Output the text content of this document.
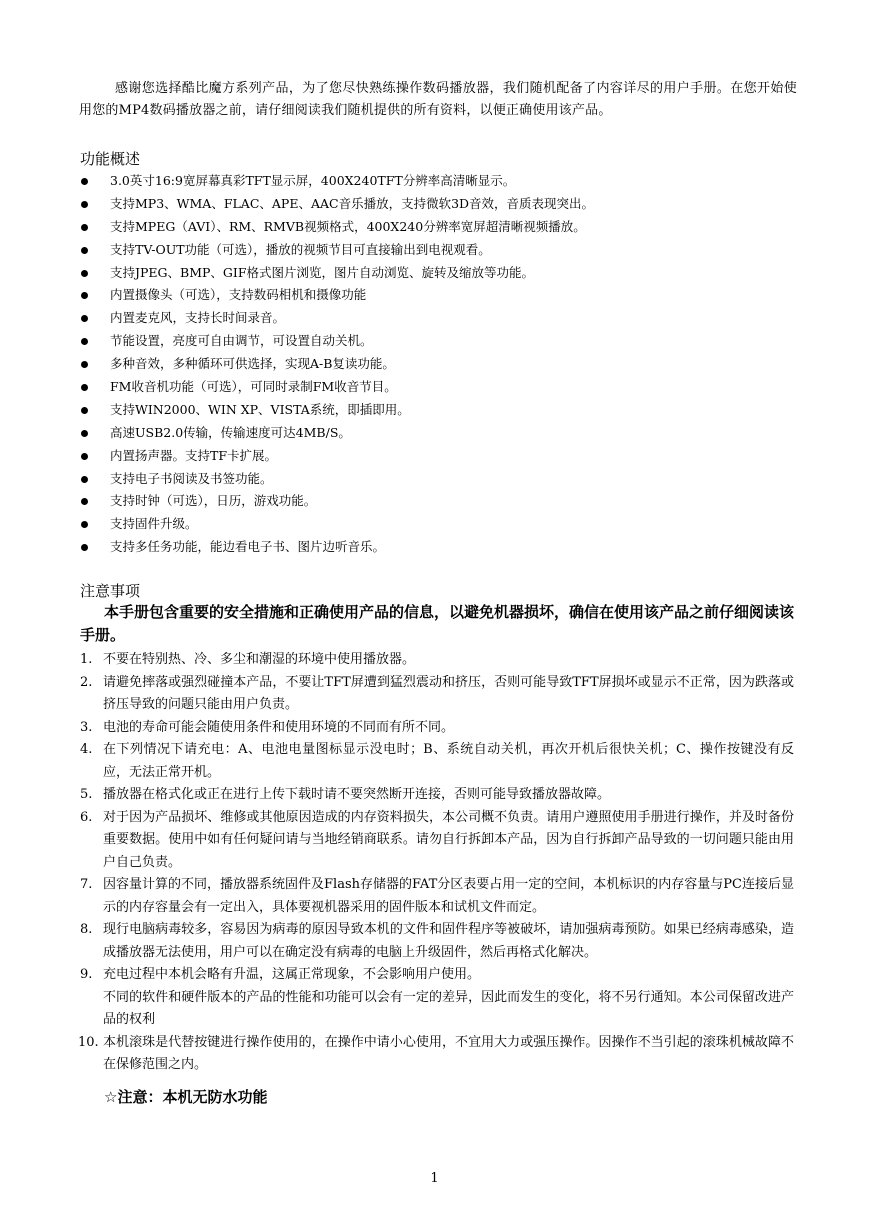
感谢您选择酷比魔方系列产品，为了您尽快熟练操作数码播放器，我们随机配备了内容详尽的用户手册。在您开始使用您的MP4数码播放器之前，请仔细阅读我们随机提供的所有资料，以便正确使用该产品。

功能概述
3.0英寸16:9宽屏幕真彩TFT显示屏，400X240TFT分辨率高清晰显示。
支持MP3、WMA、FLAC、APE、AAC音乐播放，支持微软3D音效，音质表现突出。
支持MPEG（AVI）、RM、RMVB视频格式，400X240分辨率宽屏超清晰视频播放。
支持TV-OUT功能（可选），播放的视频节目可直接输出到电视观看。
支持JPEG、BMP、GIF格式图片浏览，图片自动浏览、旋转及缩放等功能。
内置摄像头（可选），支持数码相机和摄像功能
内置麦克风，支持长时间录音。
节能设置，亮度可自由调节，可设置自动关机。
多种音效，多种循环可供选择，实现A-B复读功能。
FM收音机功能（可选），可同时录制FM收音节目。
支持WIN2000、WIN XP、VISTA系统，即插即用。
高速USB2.0传输，传输速度可达4MB/S。
内置扬声器。支持TF卡扩展。
支持电子书阅读及书签功能。
支持时钟（可选），日历，游戏功能。
支持固件升级。
支持多任务功能，能边看电子书、图片边听音乐。
注意事项

本手册包含重要的安全措施和正确使用产品的信息，以避免机器损坏，确信在使用该产品之前仔细阅读该手册。

1. 不要在特别热、冷、多尘和潮湿的环境中使用播放器。
2. 请避免摔落或强烈碰撞本产品，不要让TFT屏遭到猛烈震动和挤压，否则可能导致TFT屏损坏或显示不正常，因为跌落或挤压导致的问题只能由用户负责。
3. 电池的寿命可能会随使用条件和使用环境的不同而有所不同。
4. 在下列情况下请充电：A、电池电量图标显示没电时；B、系统自动关机，再次开机后很快关机；C、操作按键没有反应，无法正常开机。
5. 播放器在格式化或正在进行上传下载时请不要突然断开连接，否则可能导致播放器故障。
6. 对于因为产品损坏、维修或其他原因造成的内存资料损失，本公司概不负责。请用户遵照使用手册进行操作，并及时备份重要数据。使用中如有任何疑问请与当地经销商联系。请勿自行拆卸本产品，因为自行拆卸产品导致的一切问题只能由用户自己负责。
7. 因容量计算的不同，播放器系统固件及Flash存储器的FAT分区表要占用一定的空间，本机标识的内存容量与PC连接后显示的内存容量会有一定出入，具体要视机器采用的固件版本和试机文件而定。
8. 现行电脑病毒较多，容易因为病毒的原因导致本机的文件和固件程序等被破坏，请加强病毒预防。如果已经病毒感染，造成播放器无法使用，用户可以在确定没有病毒的电脑上升级固件，然后再格式化解决。
9. 充电过程中本机会略有升温，这属正常现象，不会影响用户使用。
不同的软件和硬件版本的产品的性能和功能可以会有一定的差异，因此而发生的变化，将不另行通知。本公司保留改进产品的权利
10. 本机滚珠是代替按键进行操作使用的，在操作中请小心使用，不宜用大力或强压操作。因操作不当引起的滚珠机械故障不在保修范围之内。
☆注意：本机无防水功能
1
